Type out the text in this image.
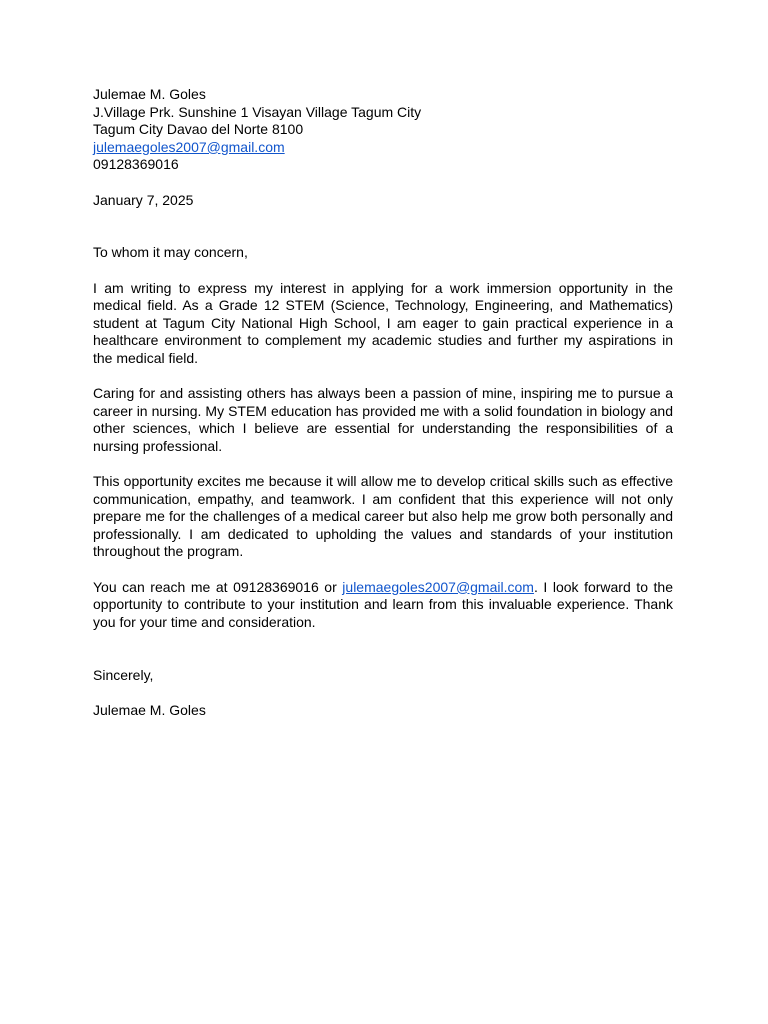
Julemae M. Goles
J.Village Prk. Sunshine 1 Visayan Village Tagum City
Tagum City Davao del Norte 8100
julemaegoles2007@gmail.com
09128369016
January 7, 2025
To whom it may concern,

I am writing to express my interest in applying for a work immersion opportunity in the medical field. As a Grade 12 STEM (Science, Technology, Engineering, and Mathematics) student at Tagum City National High School, I am eager to gain practical experience in a healthcare environment to complement my academic studies and further my aspirations in the medical field.

Caring for and assisting others has always been a passion of mine, inspiring me to pursue a career in nursing. My STEM education has provided me with a solid foundation in biology and other sciences, which I believe are essential for understanding the responsibilities of a nursing professional.

This opportunity excites me because it will allow me to develop critical skills such as effective communication, empathy, and teamwork. I am confident that this experience will not only prepare me for the challenges of a medical career but also help me grow both personally and professionally. I am dedicated to upholding the values and standards of your institution throughout the program.

You can reach me at 09128369016 or julemaegoles2007@gmail.com. I look forward to the opportunity to contribute to your institution and learn from this invaluable experience. Thank you for your time and consideration.

Sincerely,
Julemae M. Goles
